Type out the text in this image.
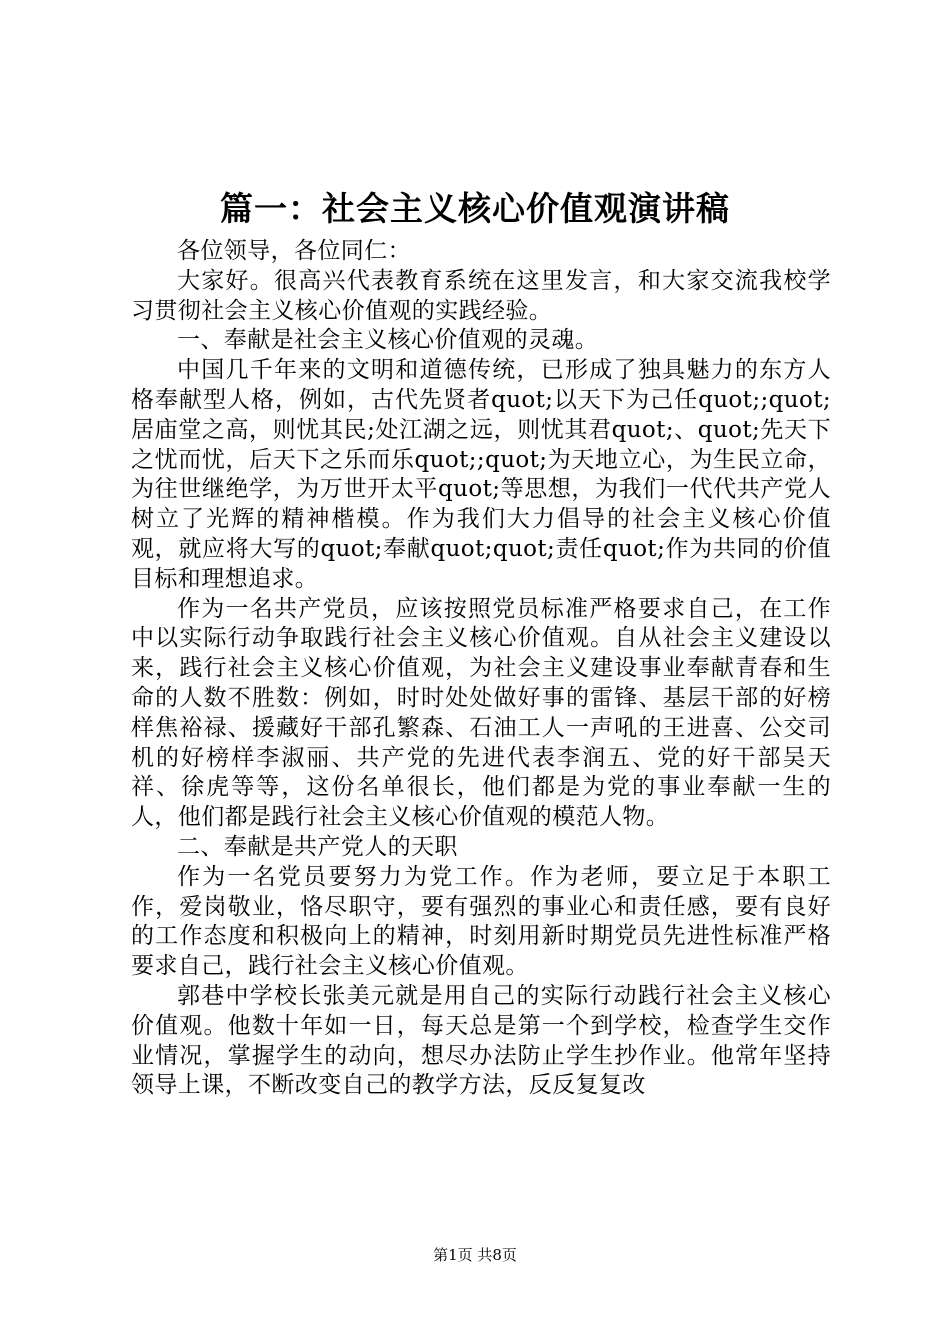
篇一：社会主义核心价值观演讲稿

各位领导，各位同仁：

大家好。很高兴代表教育系统在这里发言，和大家交流我校学习贯彻社会主义核心价值观的实践经验。

一、奉献是社会主义核心价值观的灵魂。

中国几千年来的文明和道德传统，已形成了独具魅力的东方人格奉献型人格，例如，古代先贤者quot;以天下为己任quot;;quot;居庙堂之高，则忧其民;处江湖之远，则忧其君quot;、quot;先天下之忧而忧，后天下之乐而乐quot;;quot;为天地立心，为生民立命，为往世继绝学，为万世开太平quot;等思想，为我们一代代共产党人树立了光辉的精神楷模。作为我们大力倡导的社会主义核心价值观，就应将大写的quot;奉献quot;quot;责任quot;作为共同的价值目标和理想追求。

作为一名共产党员，应该按照党员标准严格要求自己，在工作中以实际行动争取践行社会主义核心价值观。自从社会主义建设以来，践行社会主义核心价值观，为社会主义建设事业奉献青春和生命的人数不胜数：例如，时时处处做好事的雷锋、基层干部的好榜样焦裕禄、援藏好干部孔繁森、石油工人一声吼的王进喜、公交司机的好榜样李淑丽、共产党的先进代表李润五、党的好干部吴天祥、徐虎等等，这份名单很长，他们都是为党的事业奉献一生的人，他们都是践行社会主义核心价值观的模范人物。

二、奉献是共产党人的天职

作为一名党员要努力为党工作。作为老师，要立足于本职工作，爱岗敬业，恪尽职守，要有强烈的事业心和责任感，要有良好的工作态度和积极向上的精神，时刻用新时期党员先进性标准严格要求自己，践行社会主义核心价值观。

郭巷中学校长张美元就是用自己的实际行动践行社会主义核心价值观。他数十年如一日，每天总是第一个到学校，检查学生交作业情况，掌握学生的动向，想尽办法防止学生抄作业。他常年坚持领导上课，不断改变自己的教学方法，反反复复改

第1页 共8页
